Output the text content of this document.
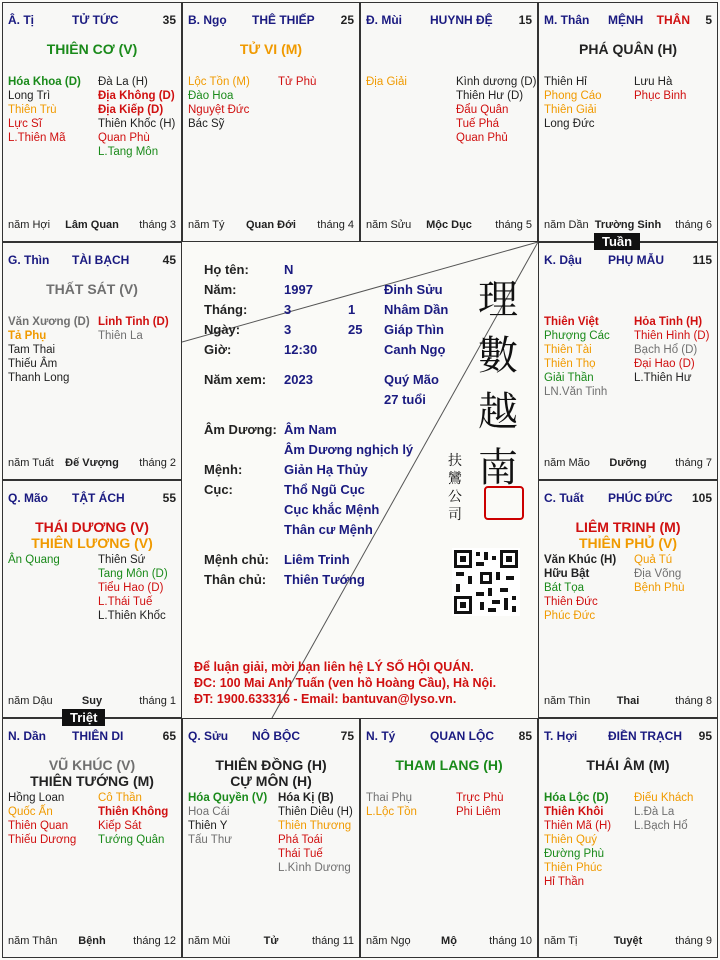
Â. Tị	TỬ TỨC	35
THIÊN CƠ (V)
Hóa Khoa (D)
Long Trì
Thiên Trù
Lực Sĩ
L.Thiên Mã
Đà La (H)
Địa Không (D)
Địa Kiếp (D)
Thiên Khốc (H)
Quan Phù
L.Tang Môn
năm Hợi	Lâm Quan	tháng 3
B. Ngọ THÊ THIẾP 25
TỬ VI (M)
Lộc Tồn (M)
Đào Hoa
Nguyệt Đức
Bác Sỹ
Tử Phù
năm Tý	Quan Đới	tháng 4
Đ. Mùi HUYNH ĐỆ 15
Địa Giải	Kình dương (D)
Thiên Hư (D)
Đẩu Quân
Tuế Phá
Quan Phủ
năm Sửu	Mộc Dục	tháng 5
M. Thân MỆNH THÂN 5
PHÁ QUÂN (H)
Thiên Hỉ
Phong Cáo
Thiên Giải
Long Đức
Lưu Hà
Phục Binh
năm Dần Trường Sinh	tháng 6
G. Thìn TÀI BẠCH	45
THẤT SÁT (V)
Văn Xương (D)
Tả Phụ
Tam Thai
Thiếu Âm
Thanh Long
Linh Tinh (D)
Thiên La
năm Tuất	Đế Vượng	tháng 2
K. Dậu PHỤ MẪU 115
Thiên Việt
Phượng Các
Thiên Tài
Thiên Thọ
Giải Thần
LN.Văn Tinh
Hỏa Tinh (H)
Thiên Hình (D)
Bạch Hổ (D)
Đại Hao (D)
L.Thiên Hư
năm Mão	Dưỡng	tháng 7
Q. Mão TẬT ÁCH	55
THÁI DƯƠNG (V)
THIÊN LƯƠNG (V)
Ân Quang	Thiên Sứ
Tang Môn (D)
Tiểu Hao (D)
L.Thái Tuế
L.Thiên Khốc
năm Dậu	Suy	tháng 1
C. Tuất PHÚC ĐỨC 105
LIÊM TRINH (M)
THIÊN PHỦ (V)
Văn Khúc (H)
Hữu Bật
Bát Tọa
Thiên Đức
Phúc Đức
Quả Tú
Địa Võng
Bệnh Phù
năm Thìn	Thai	tháng 8
N. Dần THIÊN DI	65
VŨ KHÚC (V)
THIÊN TƯỚNG (M)
Hồng Loan
Quốc Ấn
Thiên Quan
Thiếu Dương
Cô Thần
Thiên Không
Kiếp Sát
Tướng Quân
năm Thân	Bệnh	tháng 12
Q. Sửu NÔ BỘC	75
THIÊN ĐỒNG (H)
CỰ MÔN (H)
Hóa Quyền (V)
Hoa Cái
Thiên Y
Tấu Thư
Hóa Kị (B)
Thiên Diêu (H)
Thiên Thương
Phá Toái
Thái Tuế
L.Kình Dương
năm Mùi	Tử	tháng 11
N. Tý	QUAN LỘC 85
THAM LANG (H)
Thai Phụ
L.Lộc Tồn
Trực Phù
Phi Liêm
năm Ngọ	Mộ	tháng 10
T. Hợi	ĐIỀN TRẠCH 95
THÁI ÂM (M)
Hóa Lộc (D)
Thiên Khôi
Thiên Mã (H)
Thiên Quý
Đường Phù
Thiên Phúc
Hỉ Thần
Điếu Khách
L.Đà La
L.Bạch Hổ
năm Tị	Tuyệt	tháng 9
Họ tên:	N
Năm:	1997	Đinh Sửu
Tháng:	3	1 Nhâm Dần
Ngày:	3	25 Giáp Thìn
Giờ:	12:30	Canh Ngọ
Năm xem: 2023	Quý Mão
27 tuổi
Âm Dương: Âm Nam
Âm Dương nghịch lý
Mệnh:	Giản Hạ Thủy
Cục:	Thổ Ngũ Cục
Cục khắc Mệnh
Thân cư Mệnh
Mệnh chủ: Liêm Trinh
Thân chủ: Thiên Tướng
理數越南
扶鸞公司
Để luận giải, mời bạn liên hệ LÝ SỐ HỘI QUÁN.
ĐC: 100 Mai Anh Tuấn (ven hồ Hoàng Cầu), Hà Nội.
ĐT: 1900.633316 - Email: bantuvan@lyso.vn.
Tuần
Triệt
